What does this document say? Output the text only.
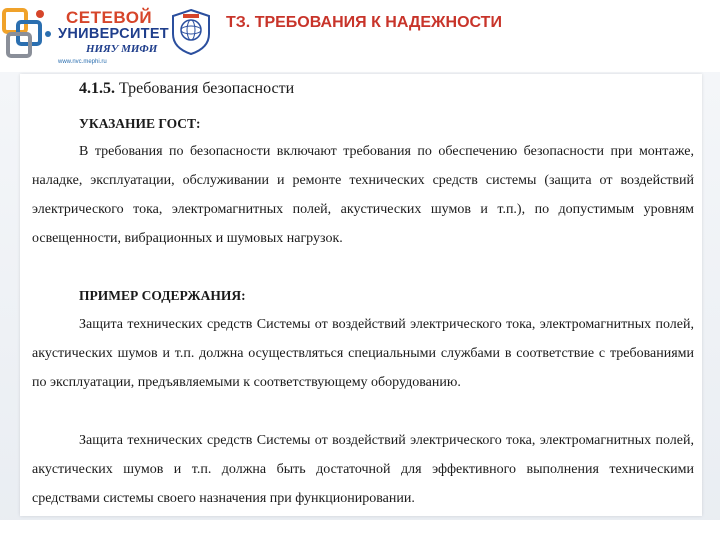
СЕТЕВОЙ
УНИВЕРСИТЕТ
НИЯУ МИФИ
www.nvc.mephi.ru
ТЗ. ТРЕБОВАНИЯ К НАДЕЖНОСТИ
4.1.5. Требования безопасности
УКАЗАНИЕ ГОСТ:
В требования по безопасности включают требования по обеспечению безопасности при монтаже, наладке, эксплуатации, обслуживании и ремонте технических средств системы (защита от воздействий электрического тока, электромагнитных полей, акустических шумов и т.п.), по допустимым уровням освещенности, вибрационных и шумовых нагрузок.
ПРИМЕР СОДЕРЖАНИЯ:
Защита технических средств Системы от воздействий электрического тока, электромагнитных полей, акустических шумов и т.п. должна осуществляться специальными службами в соответствие с требованиями по эксплуатации, предъявляемыми к соответствующему оборудованию.
Защита технических средств Системы от воздействий электрического тока, электромагнитных полей, акустических шумов и т.п. должна быть достаточной для эффективного выполнения техническими средствами системы своего назначения при функционировании.
